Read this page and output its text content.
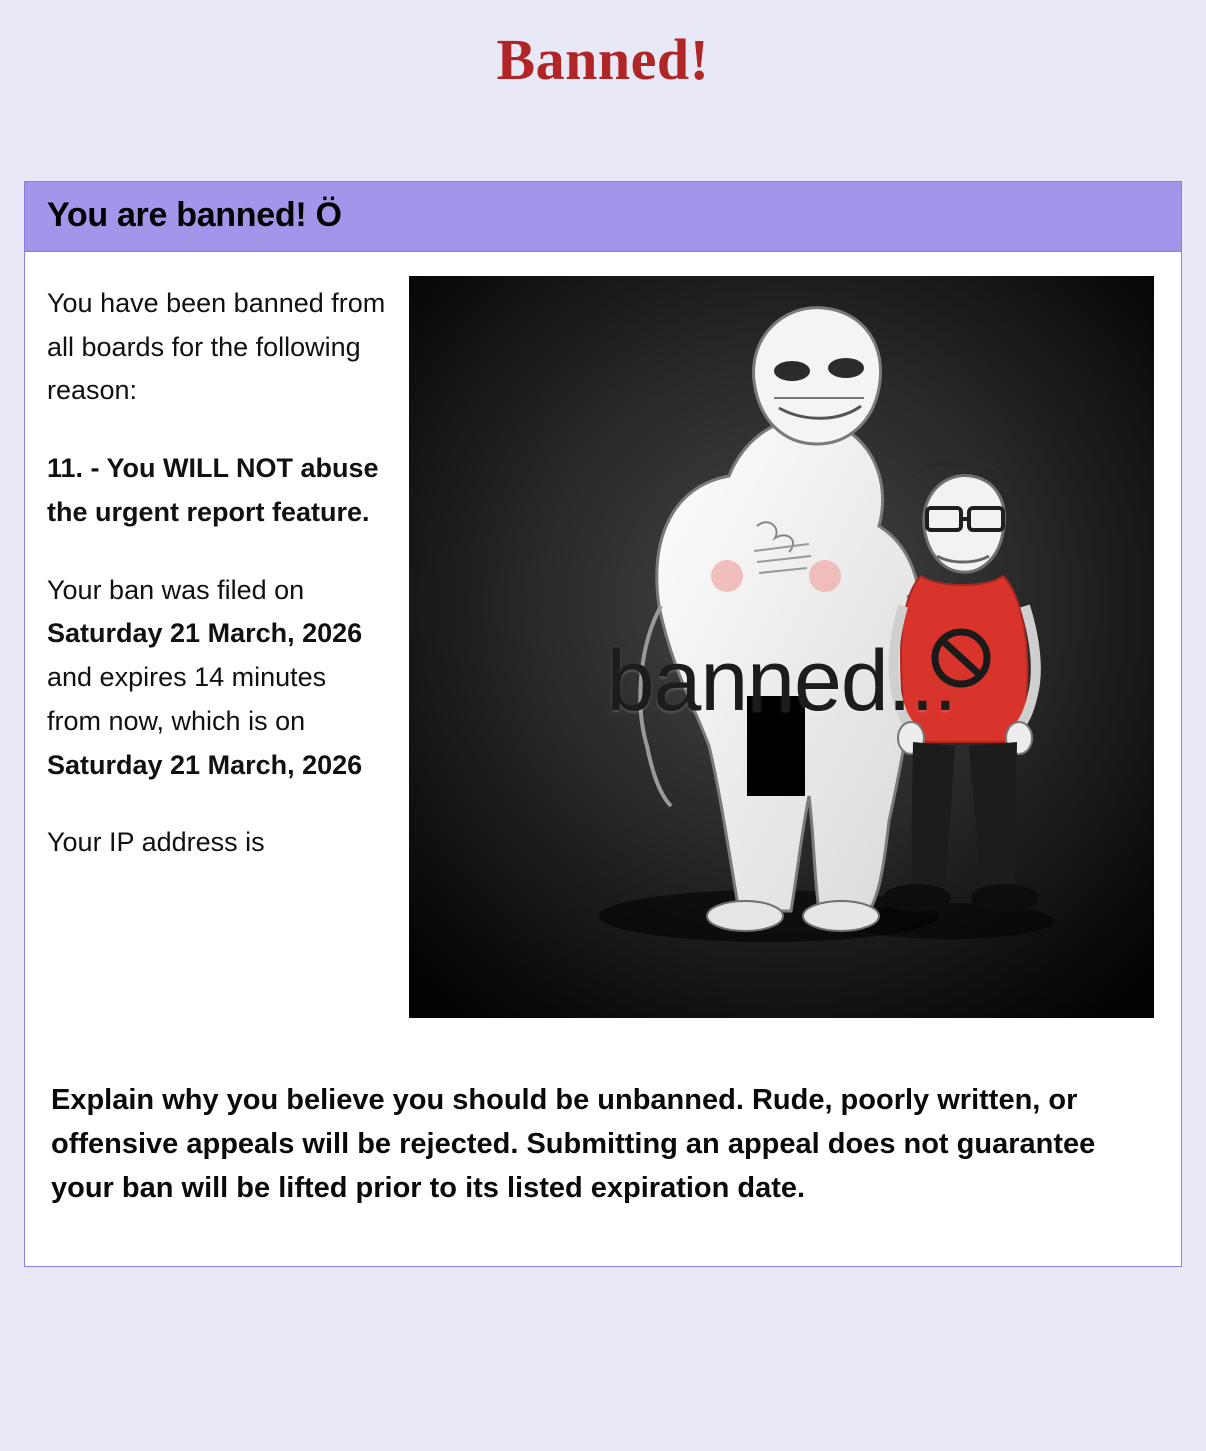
Banned!
You are banned! Ö

You have been banned from all boards for the following reason:

11. - You WILL NOT abuse the urgent report feature.

Your ban was filed on Saturday 21 March, 2026 and expires 14 minutes from now, which is on Saturday 21 March, 2026

Your IP address is

banned...
Explain why you believe you should be unbanned. Rude, poorly written, or offensive appeals will be rejected. Submitting an appeal does not guarantee your ban will be lifted prior to its listed expiration date.
